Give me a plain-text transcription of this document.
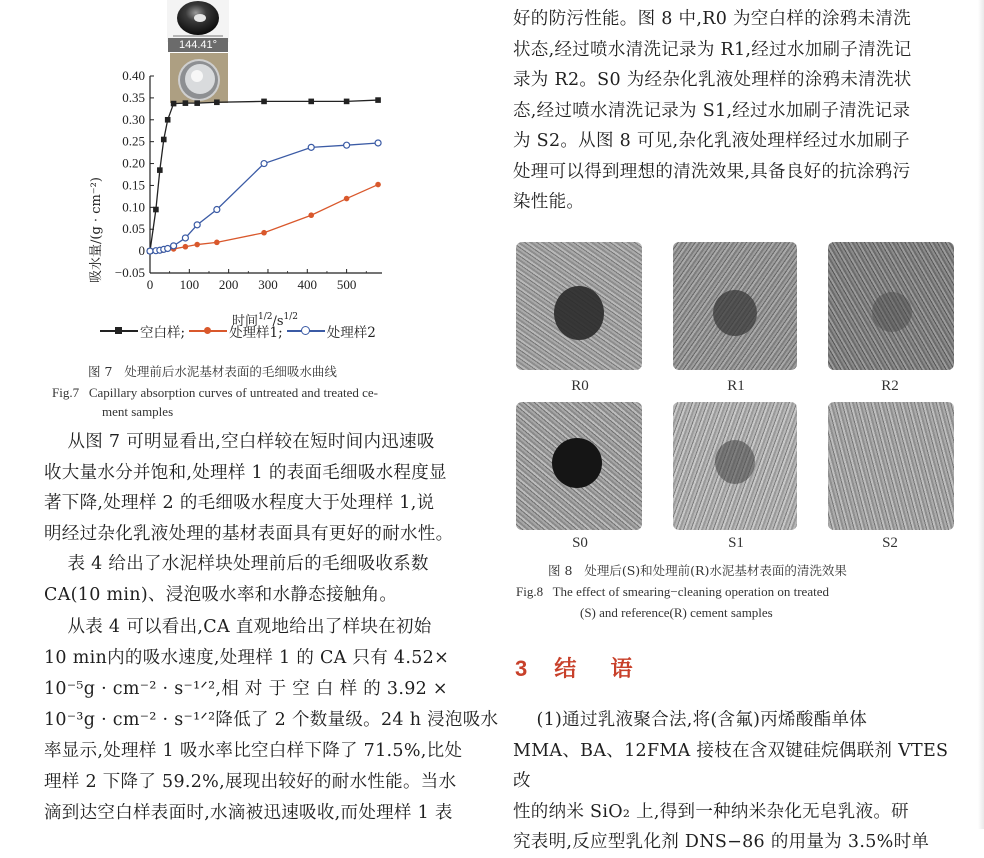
144.41°
−0.05
0
0.05
0.10
0.15
0.20
0.25
0.30
0.35
0.40
0 100 200 300 400 500
吸水量/(g · cm⁻²)
时间$^{1/2}/s^{1/2}$
空白样;	处理样1;	处理样2
图 7   处理前后水泥基材表面的毛细吸水曲线
Fig.7   Capillary absorption curves of untreated and treated ce-
ment samples
从图 7 可明显看出,空白样较在短时间内迅速吸
收大量水分并饱和,处理样 1 的表面毛细吸水程度显
著下降,处理样 2 的毛细吸水程度大于处理样 1,说
明经过杂化乳液处理的基材表面具有更好的耐水性。
表 4 给出了水泥样块处理前后的毛细吸收系数
CA(10 min)、浸泡吸水率和水静态接触角。
从表 4 可以看出,CA 直观地给出了样块在初始
10 min内的吸水速度,处理样 1 的 CA 只有 4.52×
10⁻⁵g · cm⁻² · s⁻¹ᐟ²,相 对 于 空 白 样 的 3.92 ×
10⁻³g · cm⁻² · s⁻¹ᐟ²降低了 2 个数量级。24 h 浸泡吸水
率显示,处理样 1 吸水率比空白样下降了 71.5%,比处
理样 2 下降了 59.2%,展现出较好的耐水性能。当水
滴到达空白样表面时,水滴被迅速吸收,而处理样 1 表
好的防污性能。图 8 中,R0 为空白样的涂鸦未清洗
状态,经过喷水清洗记录为 R1,经过水加刷子清洗记
录为 R2。S0 为经杂化乳液处理样的涂鸦未清洗状
态,经过喷水清洗记录为 S1,经过水加刷子清洗记录
为 S2。从图 8 可见,杂化乳液处理样经过水加刷子
处理可以得到理想的清洗效果,具备良好的抗涂鸦污
染性能。
R0	R1	R2
S0	S1	S2
图 8   处理后(S)和处理前(R)水泥基材表面的清洗效果
Fig.8   The effect of smearing−cleaning operation on treated
(S) and reference(R) cement samples
3 结 语
(1)通过乳液聚合法,将(含氟)丙烯酸酯单体
MMA、BA、12FMA 接枝在含双键硅烷偶联剂 VTES 改
性的纳米 SiO₂ 上,得到一种纳米杂化无皂乳液。研
究表明,反应型乳化剂 DNS−86 的用量为 3.5%时单
